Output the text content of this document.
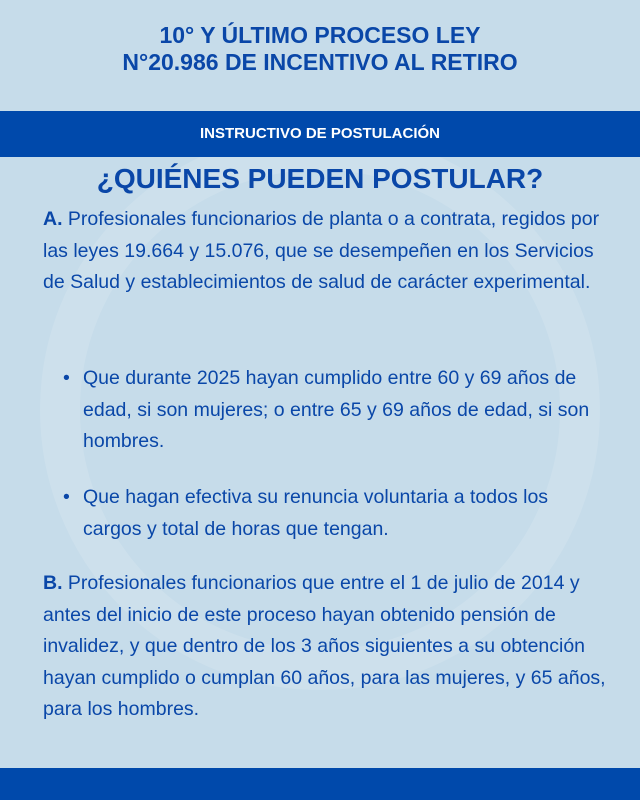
10° Y ÚLTIMO PROCESO LEY
N°20.986 DE INCENTIVO AL RETIRO
INSTRUCTIVO DE POSTULACIÓN
¿QUIÉNES PUEDEN POSTULAR?
A. Profesionales funcionarios de planta o a contrata, regidos por las leyes 19.664 y 15.076, que se desempeñen en los Servicios de Salud y establecimientos de salud de carácter experimental.
• Que durante 2025 hayan cumplido entre 60 y 69 años de edad, si son mujeres; o entre 65 y 69 años de edad, si son hombres.
• Que hagan efectiva su renuncia voluntaria a todos los cargos y total de horas que tengan.
B. Profesionales funcionarios que entre el 1 de julio de 2014 y antes del inicio de este proceso hayan obtenido pensión de invalidez, y que dentro de los 3 años siguientes a su obtención hayan cumplido o cumplan 60 años, para las mujeres, y 65 años, para los hombres.
